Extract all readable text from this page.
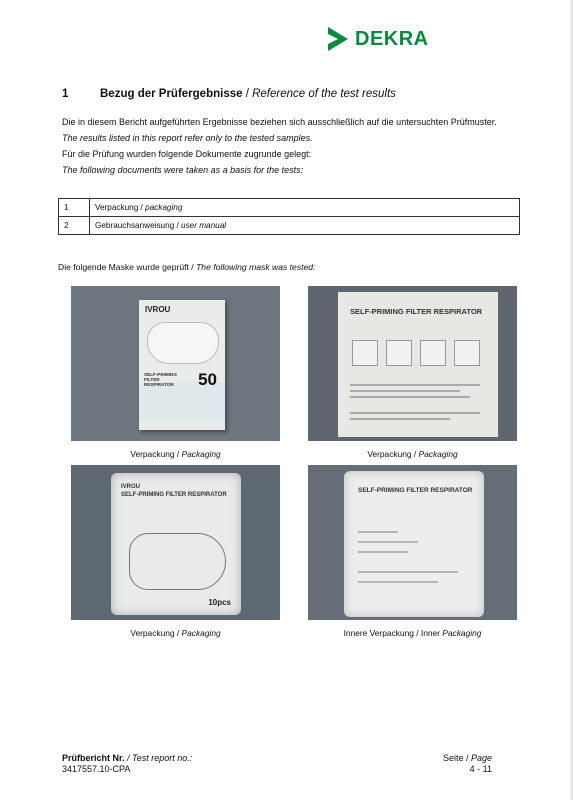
DEKRA
1	Bezug der Prüfergebnisse / Reference of the test results
Die in diesem Bericht aufgeführten Ergebnisse beziehen sich ausschließlich auf die untersuchten Prüfmuster.
The results listed in this report refer only to the tested samples.
Für die Prüfung wurden folgende Dokumente zugrunde gelegt:
The following documents were taken as a basis for the tests:
1	Verpackung / packaging
2	Gebrauchsanweisung / user manual
Die folgende Maske wurde geprüft / The following mask was tested:
IVROU
SELF-PRIMING FILTER RESPIRATOR	50
Verpackung / Packaging
SELF-PRIMING FILTER RESPIRATOR
Verpackung / Packaging
IVROU
SELF-PRIMING FILTER RESPIRATOR
10pcs
Verpackung / Packaging
SELF-PRIMING FILTER RESPIRATOR
Innere Verpackung / Inner Packaging
Prüfbericht Nr. / Test report no.:
3417557.10-CPA
Seite / Page
4 - 11
